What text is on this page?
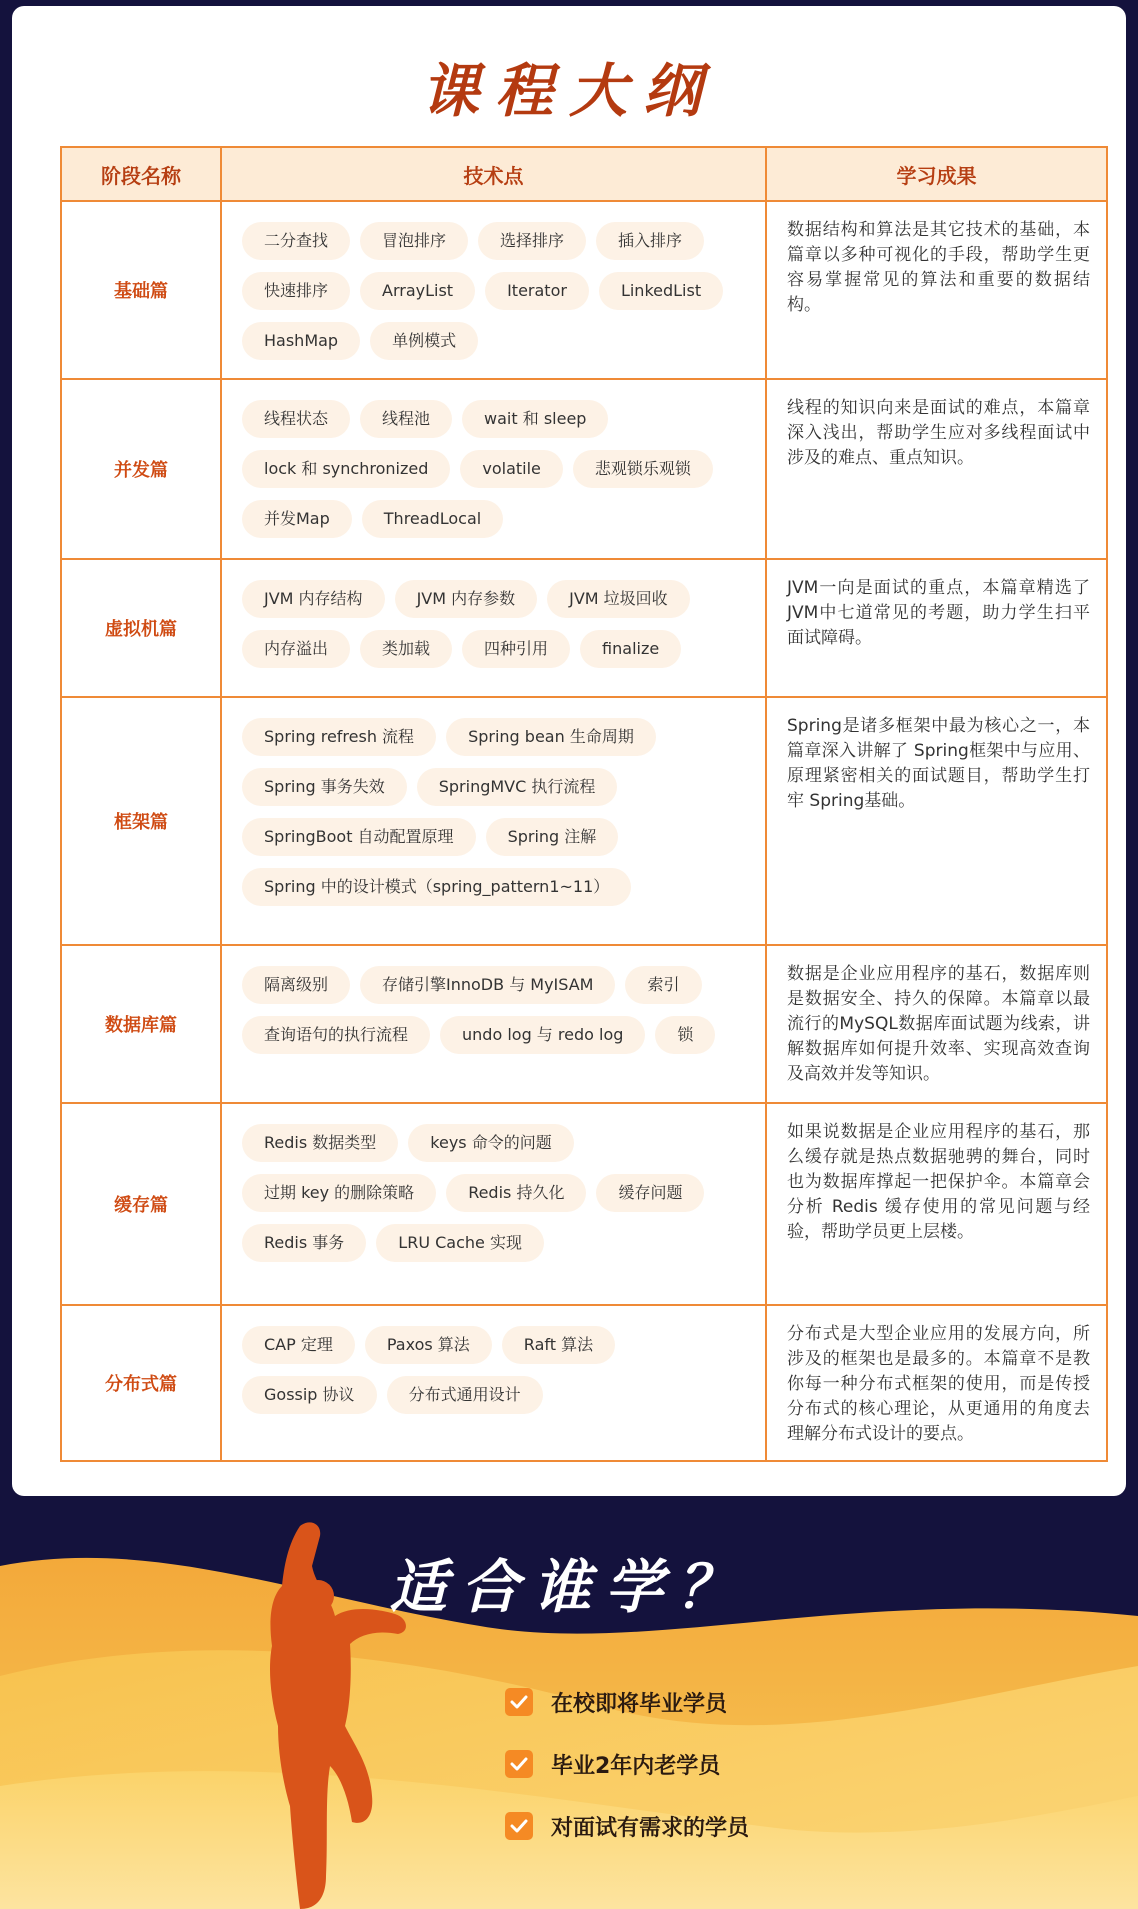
课程大纲
阶段名称	技术点	学习成果
基础篇	二分查找 冒泡排序 选择排序 插入排序快速排序 ArrayList Iterator LinkedListHashMap 单例模式	数据结构和算法是其它技术的基础，本篇章以多种可视化的手段，帮助学生更容易掌握常见的算法和重要的数据结构。
并发篇	线程状态 线程池 wait 和 sleeplock 和 synchronized volatile 悲观锁乐观锁并发Map ThreadLocal	线程的知识向来是面试的难点，本篇章深入浅出，帮助学生应对多线程面试中涉及的难点、重点知识。
虚拟机篇	JVM 内存结构 JVM 内存参数 JVM 垃圾回收内存溢出 类加载 四种引用 finalize	JVM一向是面试的重点，本篇章精选了JVM中七道常见的考题，助力学生扫平面试障碍。
框架篇	Spring refresh 流程 Spring bean 生命周期Spring 事务失效 SpringMVC 执行流程SpringBoot 自动配置原理 Spring 注解Spring 中的设计模式（spring_pattern1~11）	Spring是诸多框架中最为核心之一，本篇章深入讲解了 Spring框架中与应用、原理紧密相关的面试题目，帮助学生打牢 Spring基础。
数据库篇	隔离级别 存储引擎InnoDB 与 MyISAM 索引查询语句的执行流程 undo log 与 redo log 锁	数据是企业应用程序的基石，数据库则是数据安全、持久的保障。本篇章以最流行的MySQL数据库面试题为线索，讲解数据库如何提升效率、实现高效查询及高效并发等知识。
缓存篇	Redis 数据类型 keys 命令的问题过期 key 的删除策略 Redis 持久化 缓存问题Redis 事务 LRU Cache 实现	如果说数据是企业应用程序的基石，那么缓存就是热点数据驰骋的舞台，同时也为数据库撑起一把保护伞。本篇章会分析 Redis 缓存使用的常见问题与经验，帮助学员更上层楼。
分布式篇	CAP 定理 Paxos 算法 Raft 算法Gossip 协议 分布式通用设计	分布式是大型企业应用的发展方向，所涉及的框架也是最多的。本篇章不是教你每一种分布式框架的使用，而是传授分布式的核心理论，从更通用的角度去理解分布式设计的要点。
适合谁学？
在校即将毕业学员
毕业2年内老学员
对面试有需求的学员
